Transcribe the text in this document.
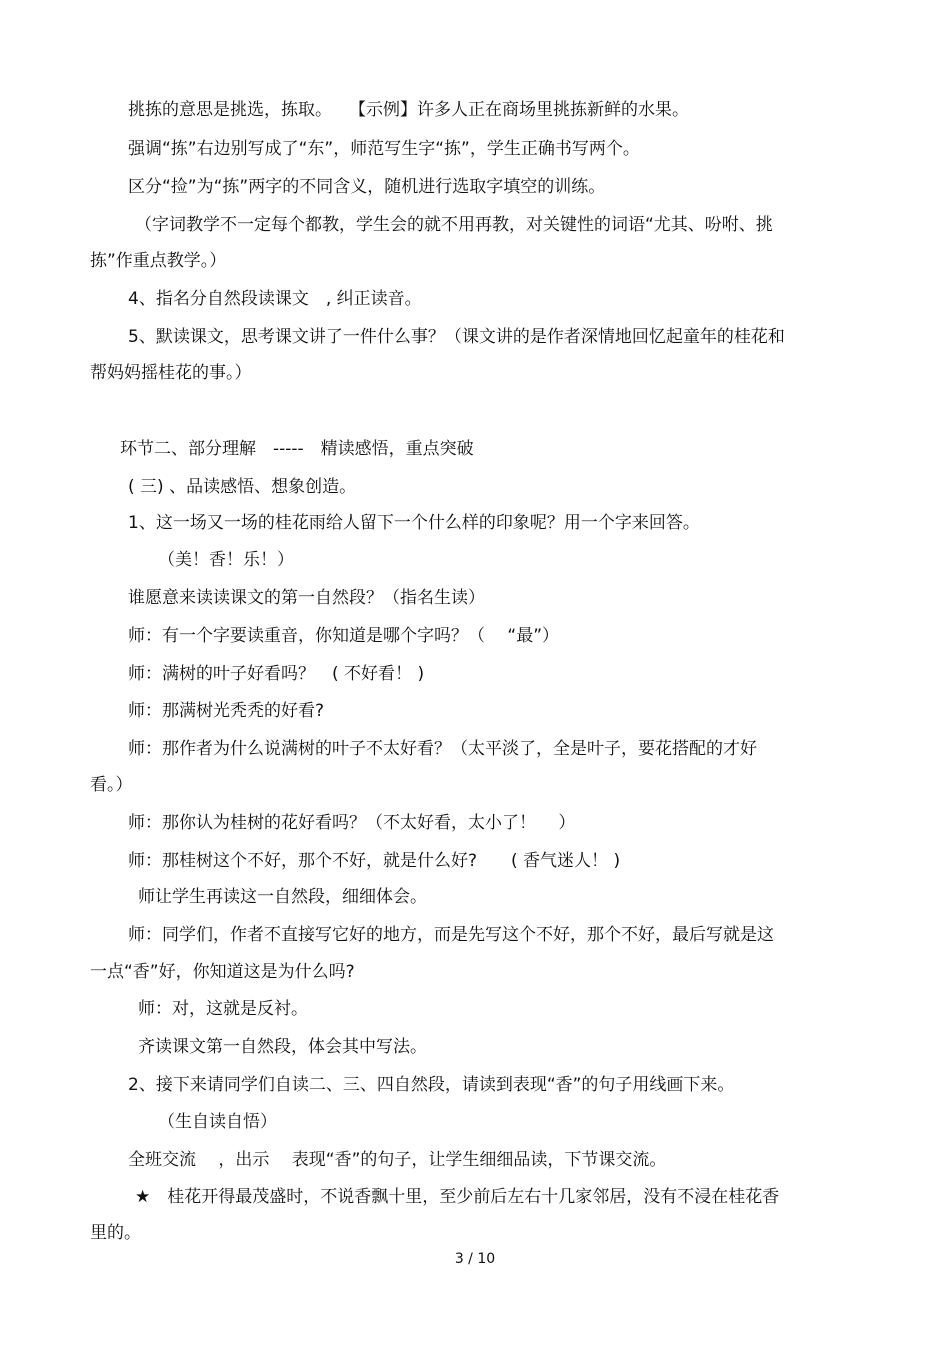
挑拣的意思是挑选，拣取。　　【示例】许多人正在商场里挑拣新鲜的水果。
强调“拣”右边别写成了“东”，师范写生字“拣”，学生正确书写两个。
区分“捡”为“拣”两字的不同含义，随机进行选取字填空的训练。
（字词教学不一定每个都教，学生会的就不用再教，对关键性的词语“尤其、吩咐、挑
拣”作重点教学。）
4、指名分自然段读课文　, 纠正读音。
5、默读课文，思考课文讲了一件什么事？（课文讲的是作者深情地回忆起童年的桂花和
帮妈妈摇桂花的事。）
环节二、部分理解　-----　精读感悟，重点突破
( 三) 、品读感悟、想象创造。
1、这一场又一场的桂花雨给人留下一个什么样的印象呢？用一个字来回答。
（美！香！乐！）
谁愿意来读读课文的第一自然段？（指名生读）
师：有一个字要读重音，你知道是哪个字吗？（　 “最”）
师：满树的叶子好看吗？　( 不好看！ )
师：那满树光秃秃的好看?
师：那作者为什么说满树的叶子不太好看？（太平淡了，全是叶子，要花搭配的才好
看。）
师：那你认为桂树的花好看吗？（不太好看，太小了！　 ）
师：那桂树这个不好，那个不好，就是什么好?　　( 香气迷人！ )
师让学生再读这一自然段，细细体会。
师：同学们，作者不直接写它好的地方，而是先写这个不好，那个不好，最后写就是这
一点“香”好，你知道这是为什么吗?
师：对，这就是反衬。
齐读课文第一自然段，体会其中写法。
2、接下来请同学们自读二、三、四自然段，请读到表现“香”的句子用线画下来。
（生自读自悟）
全班交流　 ，出示　 表现“香”的句子，让学生细细品读，下节课交流。
★　桂花开得最茂盛时，不说香飘十里，至少前后左右十几家邻居，没有不浸在桂花香
里的。
3 / 10
